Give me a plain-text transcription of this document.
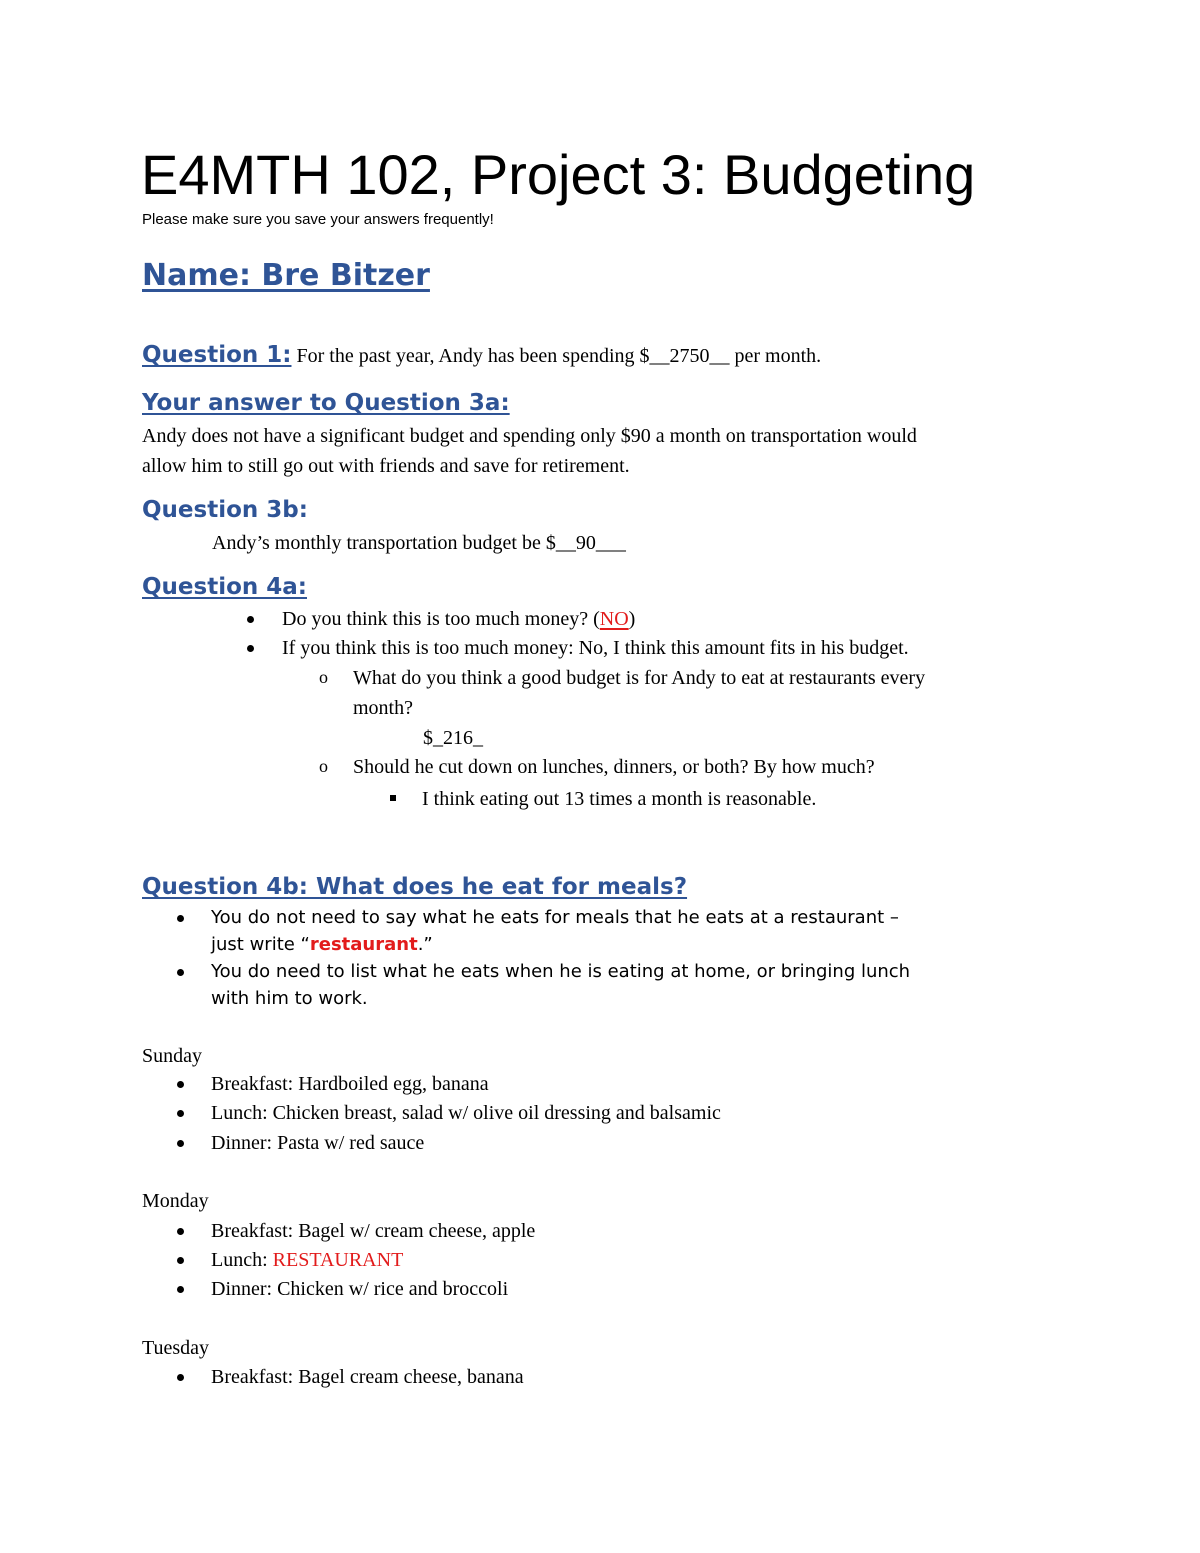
E4MTH 102, Project 3: Budgeting
Please make sure you save your answers frequently!
Name: Bre Bitzer
Question 1: For the past year, Andy has been spending $__2750__ per month.
Your answer to Question 3a:
Andy does not have a significant budget and spending only $90 a month on transportation would
allow him to still go out with friends and save for retirement.
Question 3b:
Andy’s monthly transportation budget be $__90___
Question 4a:
Do you think this is too much money? (NO)
If you think this is too much money: No, I think this amount fits in his budget.
o What do you think a good budget is for Andy to eat at restaurants every
month?
$_216_
o Should he cut down on lunches, dinners, or both? By how much?
I think eating out 13 times a month is reasonable.
Question 4b: What does he eat for meals?
You do not need to say what he eats for meals that he eats at a restaurant –
just write “restaurant.”
You do need to list what he eats when he is eating at home, or bringing lunch
with him to work.
Sunday
Breakfast: Hardboiled egg, banana
Lunch: Chicken breast, salad w/ olive oil dressing and balsamic
Dinner: Pasta w/ red sauce
Monday
Breakfast: Bagel w/ cream cheese, apple
Lunch: RESTAURANT
Dinner: Chicken w/ rice and broccoli
Tuesday
Breakfast: Bagel cream cheese, banana
